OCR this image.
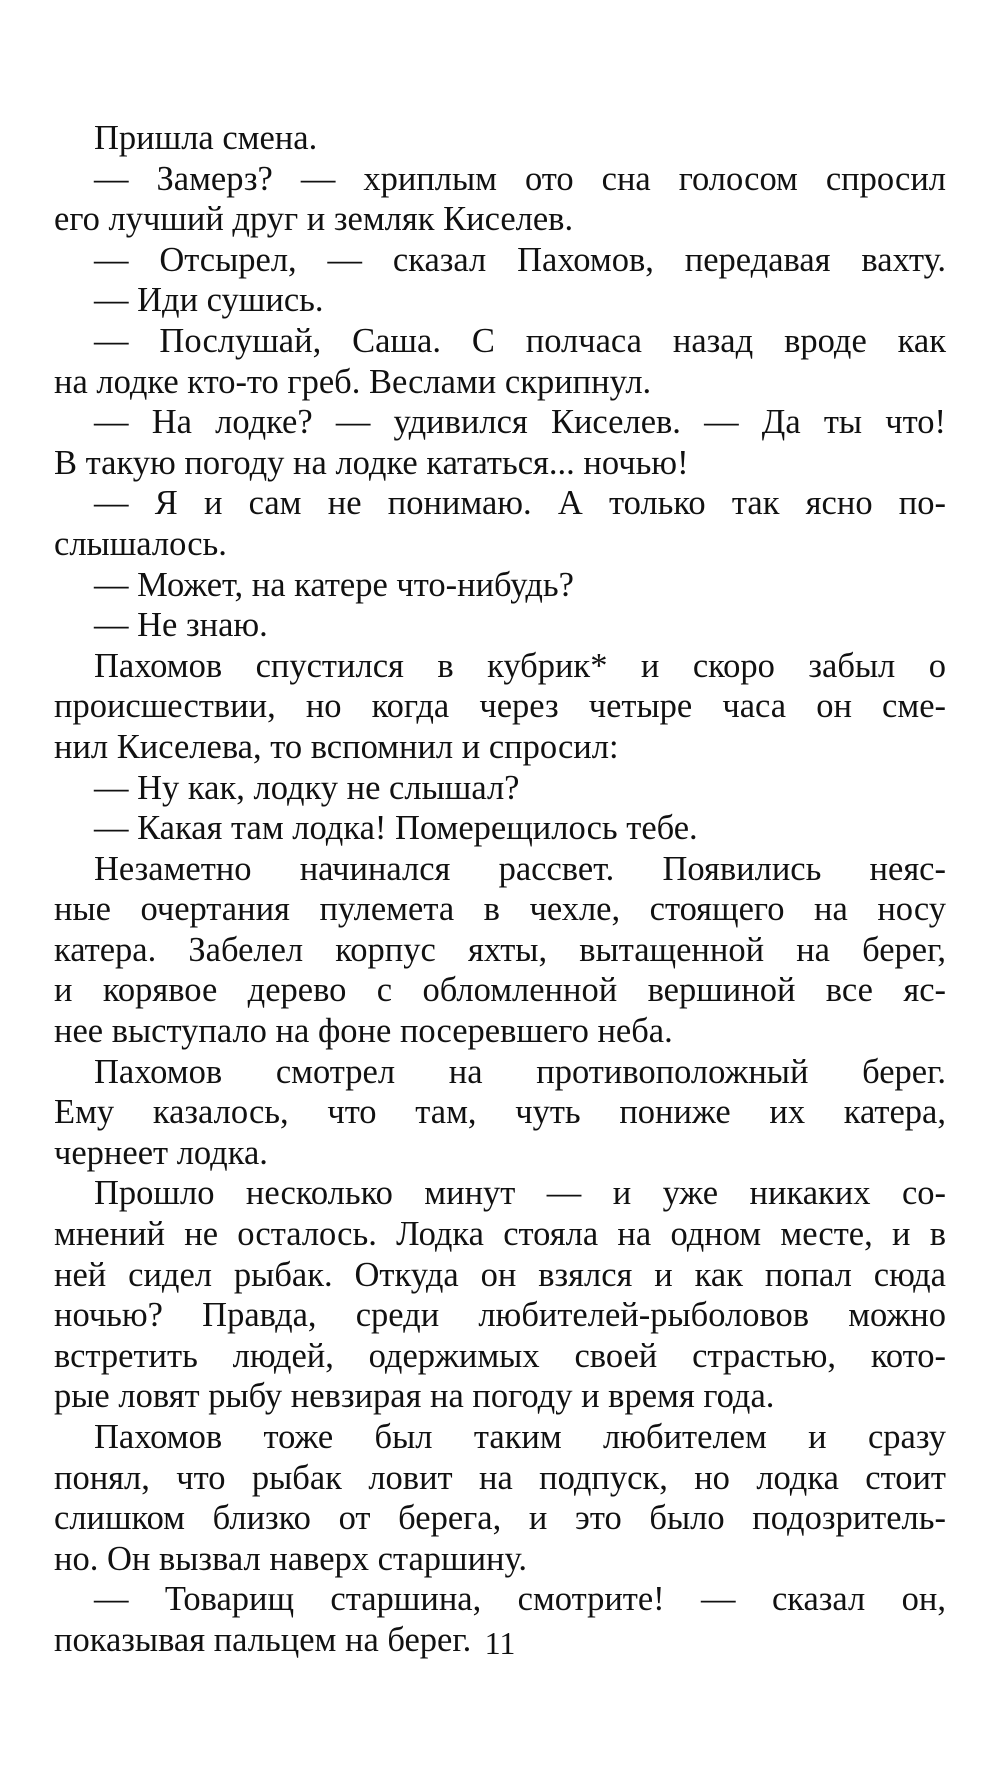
Пришла смена.
— Замерз? — хриплым ото сна голосом спросил
его лучший друг и земляк Киселев.
— Отсырел, — сказал Пахомов, передавая вахту.
— Иди сушись.
— Послушай, Саша. С полчаса назад вроде как
на лодке кто-то греб. Веслами скрипнул.
— На лодке? — удивился Киселев. — Да ты что!
В такую погоду на лодке кататься... ночью!
— Я и сам не понимаю. А только так ясно по-
слышалось.
— Может, на катере что-нибудь?
— Не знаю.
Пахомов спустился в кубрик* и скоро забыл о
происшествии, но когда через четыре часа он сме-
нил Киселева, то вспомнил и спросил:
— Ну как, лодку не слышал?
— Какая там лодка! Померещилось тебе.
Незаметно начинался рассвет. Появились неяс-
ные очертания пулемета в чехле, стоящего на носу
катера. Забелел корпус яхты, вытащенной на берег,
и корявое дерево с обломленной вершиной все яс-
нее выступало на фоне посеревшего неба.
Пахомов смотрел на противоположный берег.
Ему казалось, что там, чуть пониже их катера,
чернеет лодка.
Прошло несколько минут — и уже никаких со-
мнений не осталось. Лодка стояла на одном месте, и в
ней сидел рыбак. Откуда он взялся и как попал сюда
ночью? Правда, среди любителей-рыболовов можно
встретить людей, одержимых своей страстью, кото-
рые ловят рыбу невзирая на погоду и время года.
Пахомов тоже был таким любителем и сразу
понял, что рыбак ловит на подпуск, но лодка стоит
слишком близко от берега, и это было подозритель-
но. Он вызвал наверх старшину.
— Товарищ старшина, смотрите! — сказал он,
показывая пальцем на берег. 11
